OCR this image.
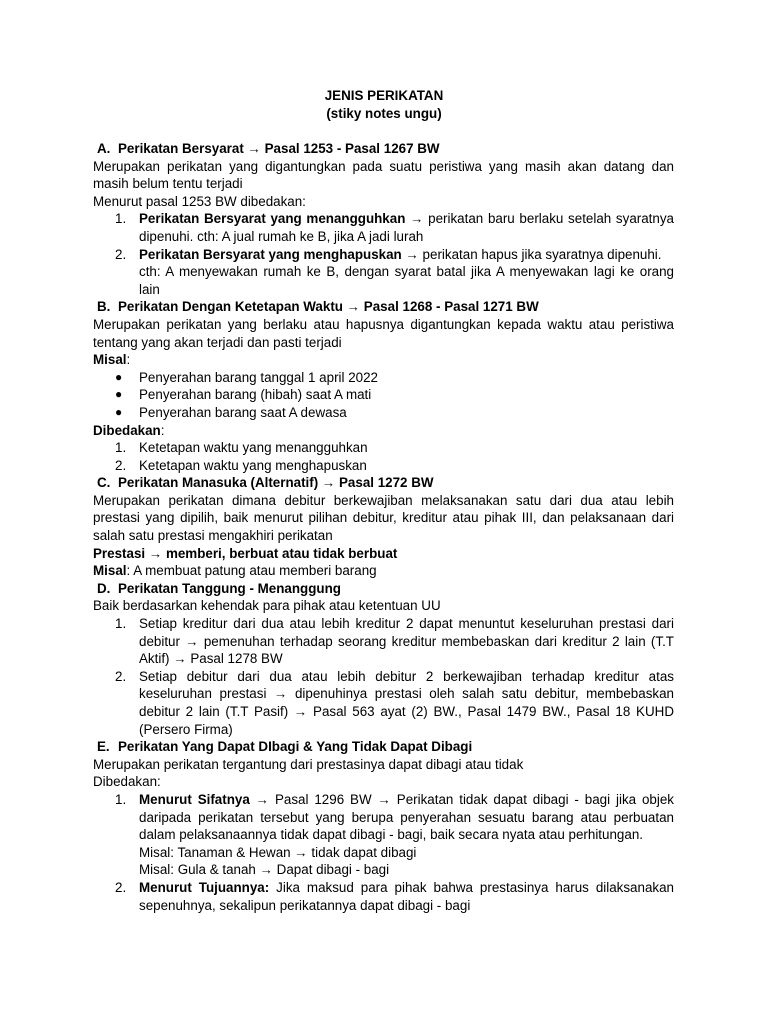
JENIS PERIKATAN
(stiky notes ungu)
A. Perikatan Bersyarat → Pasal 1253 - Pasal 1267 BW

Merupakan perikatan yang digantungkan pada suatu peristiwa yang masih akan datang dan masih belum tentu terjadi

Menurut pasal 1253 BW dibedakan:

1. Perikatan Bersyarat yang menangguhkan → perikatan baru berlaku setelah syaratnya dipenuhi. cth: A jual rumah ke B, jika A jadi lurah
2. Perikatan Bersyarat yang menghapuskan → perikatan hapus jika syaratnya dipenuhi.
cth: A menyewakan rumah ke B, dengan syarat batal jika A menyewakan lagi ke orang lain
B. Perikatan Dengan Ketetapan Waktu → Pasal 1268 - Pasal 1271 BW

Merupakan perikatan yang berlaku atau hapusnya digantungkan kepada waktu atau peristiwa tentang yang akan terjadi dan pasti terjadi

Misal:

● Penyerahan barang tanggal 1 april 2022
● Penyerahan barang (hibah) saat A mati
● Penyerahan barang saat A dewasa

Dibedakan:

1. Ketetapan waktu yang menangguhkan
2. Ketetapan waktu yang menghapuskan
C. Perikatan Manasuka (Alternatif) → Pasal 1272 BW

Merupakan perikatan dimana debitur berkewajiban melaksanakan satu dari dua atau lebih prestasi yang dipilih, baik menurut pilihan debitur, kreditur atau pihak III, dan pelaksanaan dari salah satu prestasi mengakhiri perikatan

Prestasi → memberi, berbuat atau tidak berbuat

Misal: A membuat patung atau memberi barang

D. Perikatan Tanggung - Menanggung

Baik berdasarkan kehendak para pihak atau ketentuan UU

1. Setiap kreditur dari dua atau lebih kreditur 2 dapat menuntut keseluruhan prestasi dari debitur → pemenuhan terhadap seorang kreditur membebaskan dari kreditur 2 lain (T.T Aktif) → Pasal 1278 BW
2. Setiap debitur dari dua atau lebih debitur 2 berkewajiban terhadap kreditur atas keseluruhan prestasi → dipenuhinya prestasi oleh salah satu debitur, membebaskan debitur 2 lain (T.T Pasif) → Pasal 563 ayat (2) BW., Pasal 1479 BW., Pasal 18 KUHD (Persero Firma)
E. Perikatan Yang Dapat DIbagi & Yang Tidak Dapat Dibagi

Merupakan perikatan tergantung dari prestasinya dapat dibagi atau tidak

Dibedakan:

1. Menurut Sifatnya → Pasal 1296 BW → Perikatan tidak dapat dibagi - bagi jika objek daripada perikatan tersebut yang berupa penyerahan sesuatu barang atau perbuatan dalam pelaksanaannya tidak dapat dibagi - bagi, baik secara nyata atau perhitungan.
Misal: Tanaman & Hewan → tidak dapat dibagi
Misal: Gula & tanah → Dapat dibagi - bagi
2. Menurut Tujuannya: Jika maksud para pihak bahwa prestasinya harus dilaksanakan sepenuhnya, sekalipun perikatannya dapat dibagi - bagi
